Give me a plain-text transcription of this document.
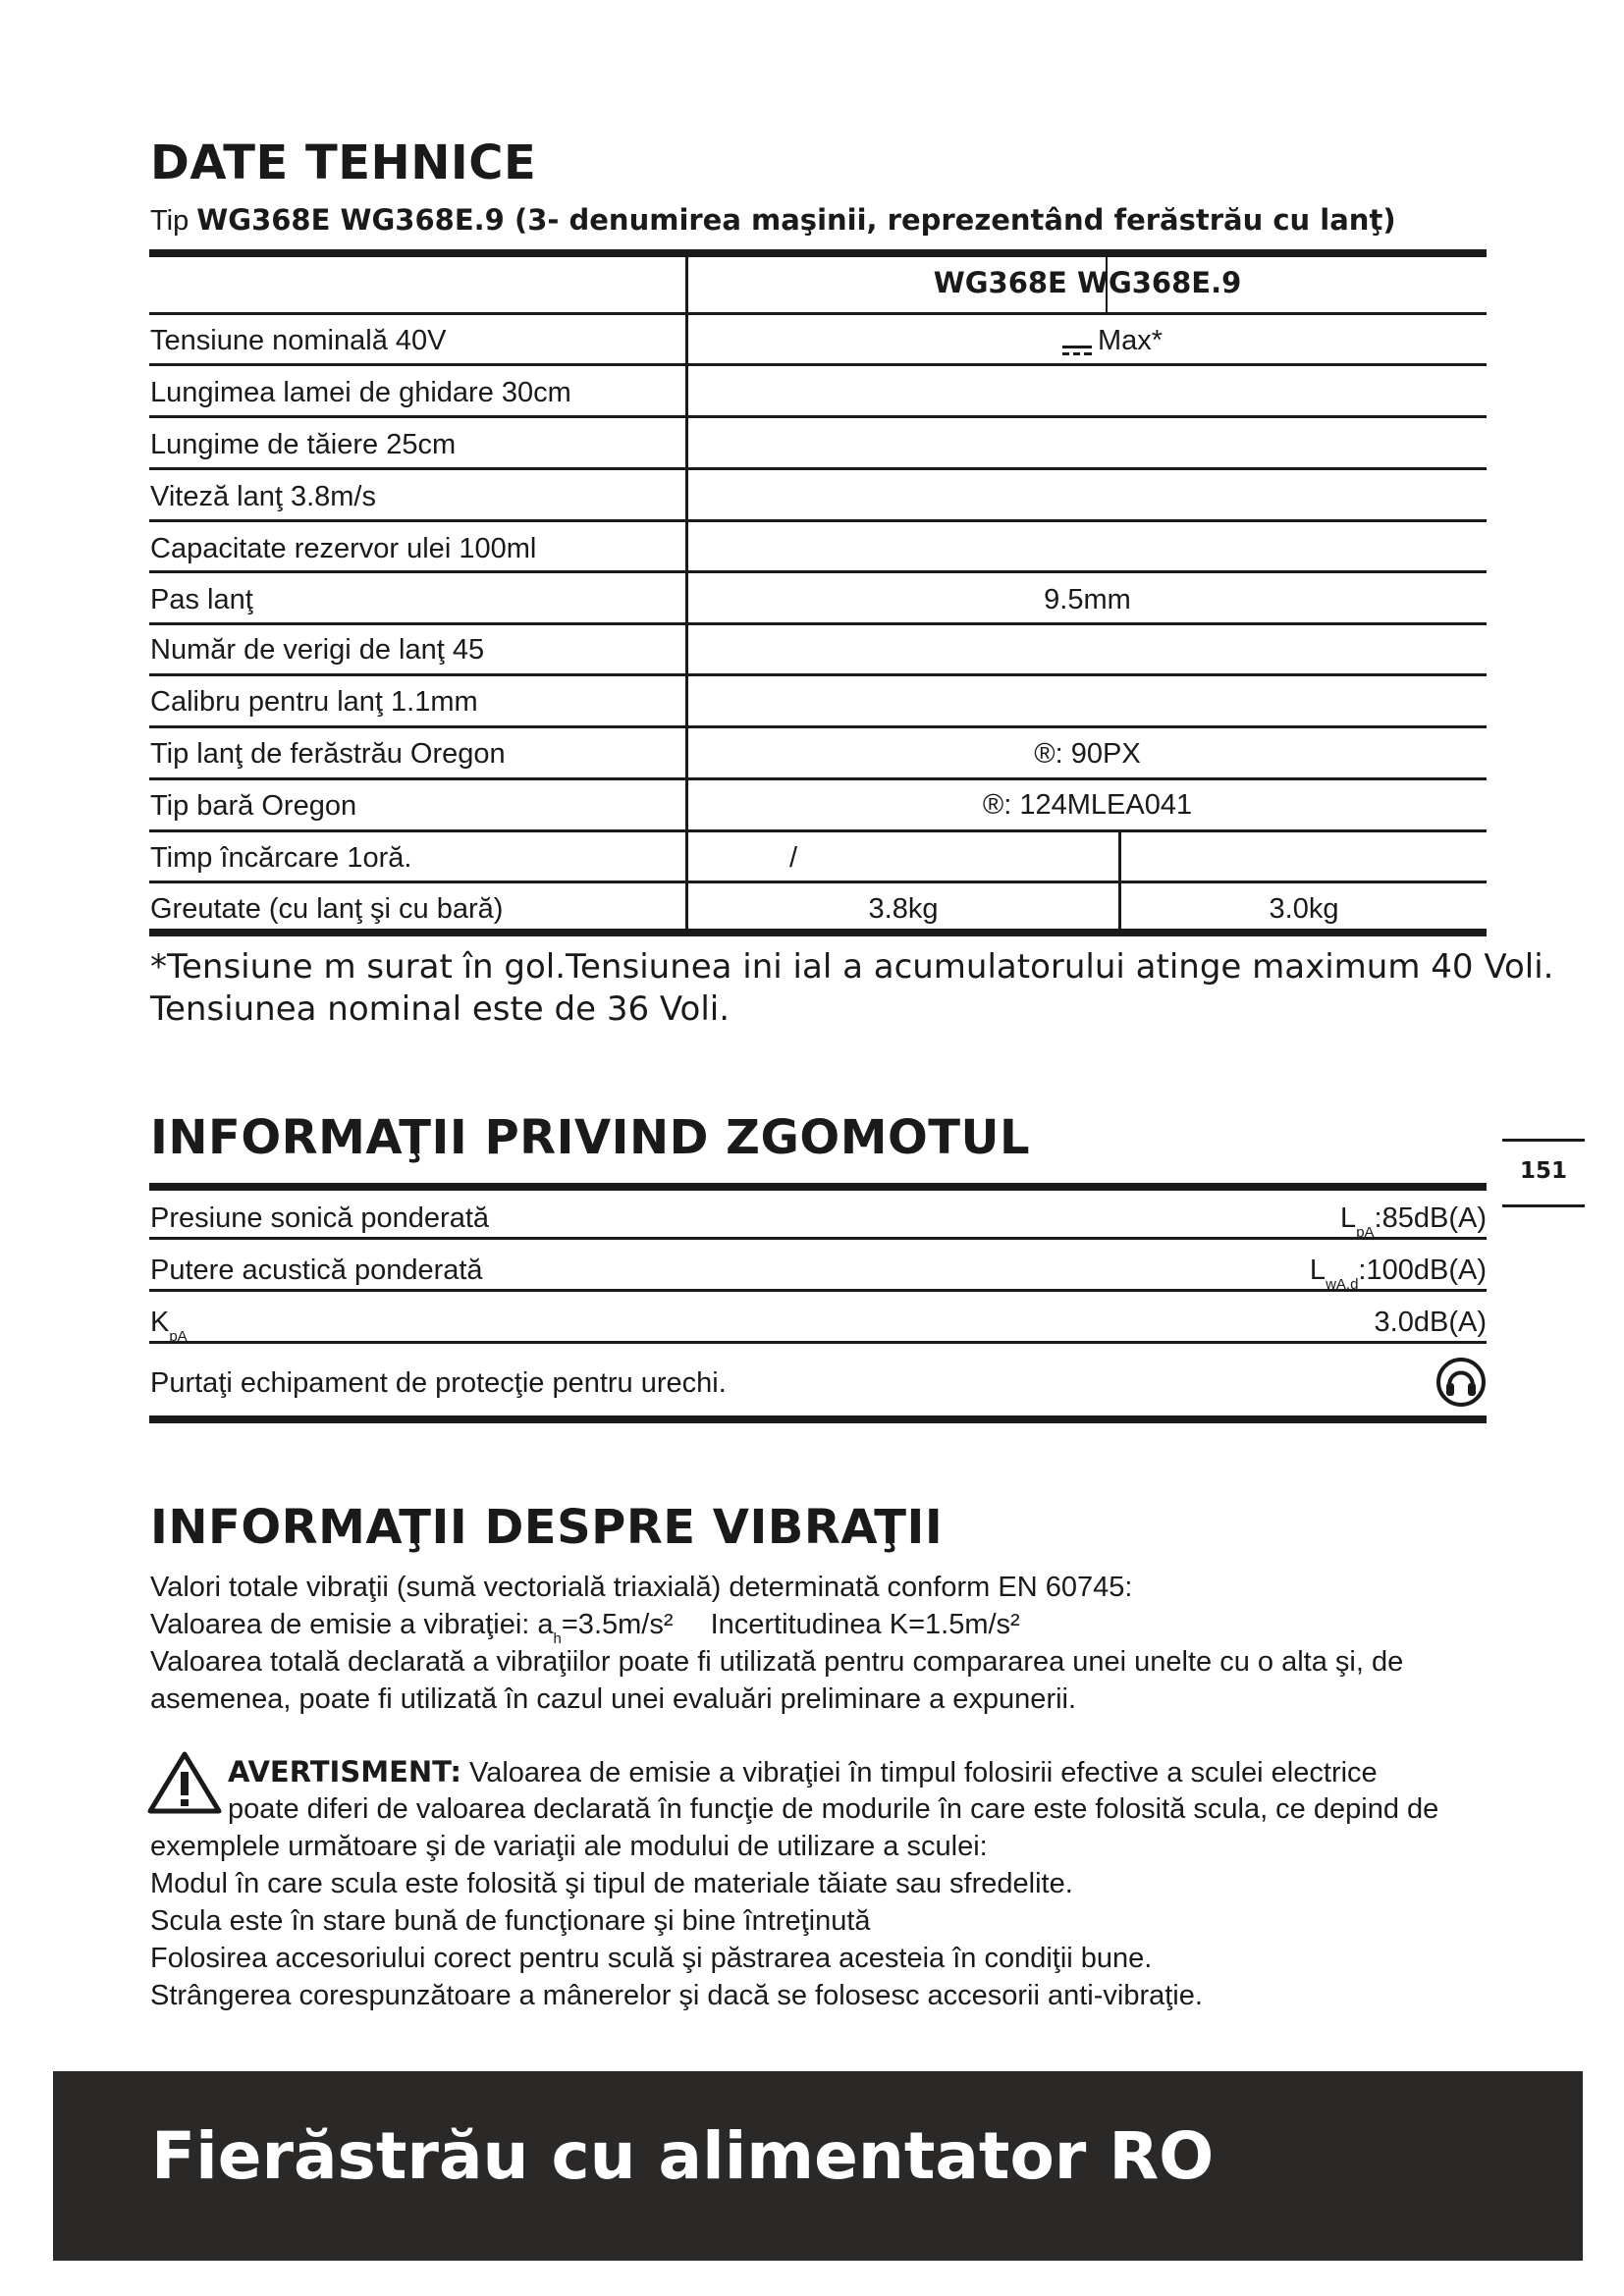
DATE TEHNICE
Tip WG368E WG368E.9 (3- denumirea maşinii, reprezentând ferăstrău cu lanţ)
WG368E WG368E.9
Tensiune nominală 40V	Max*
Lungimea lamei de ghidare 30cm
Lungime de tăiere 25cm
Viteză lanţ 3.8m/s
Capacitate rezervor ulei 100ml
Pas lanţ	9.5mm
Număr de verigi de lanţ 45
Calibru pentru lanţ 1.1mm
Tip lanţ de ferăstrău Oregon	®: 90PX
Tip bară Oregon	®: 124MLEA041
Timp încărcare 1oră.	/
Greutate (cu lanţ şi cu bară)	3.8kg	3.0kg
*Tensiune m surat în gol.Tensiunea ini ial a acumulatorului atinge maximum 40 Voli.
Tensiunea nominal este de 36 Voli.
INFORMAŢII PRIVIND ZGOMOTUL
151
Presiune sonică ponderată	$L_{pA}:85dB(A)$
Putere acustică ponderată	$L_{wA.d}:100dB(A)$
$K_{pA}$	3.0dB(A)
Purtaţi echipament de protecţie pentru urechi.
INFORMAŢII DESPRE VIBRAŢII
Valori totale vibraţii (sumă vectorială triaxială) determinată conform EN 60745:
Valoarea de emisie a vibraţiei: $a_h=3.5m/s^2$ Incertitudinea K=1.5m/s²
Valoarea totală declarată a vibraţiilor poate fi utilizată pentru compararea unei unelte cu o alta şi, de
asemenea, poate fi utilizată în cazul unei evaluări preliminare a expunerii.
AVERTISMENT: Valoarea de emisie a vibraţiei în timpul folosirii efective a sculei electrice
poate diferi de valoarea declarată în funcţie de modurile în care este folosită scula, ce depind de
exemplele următoare şi de variaţii ale modului de utilizare a sculei:
Modul în care scula este folosită şi tipul de materiale tăiate sau sfredelite.
Scula este în stare bună de funcţionare şi bine întreţinută
Folosirea accesoriului corect pentru sculă şi păstrarea acesteia în condiţii bune.
Strângerea corespunzătoare a mânerelor şi dacă se folosesc accesorii anti-vibraţie.
Fierăstrău cu alimentator RO
